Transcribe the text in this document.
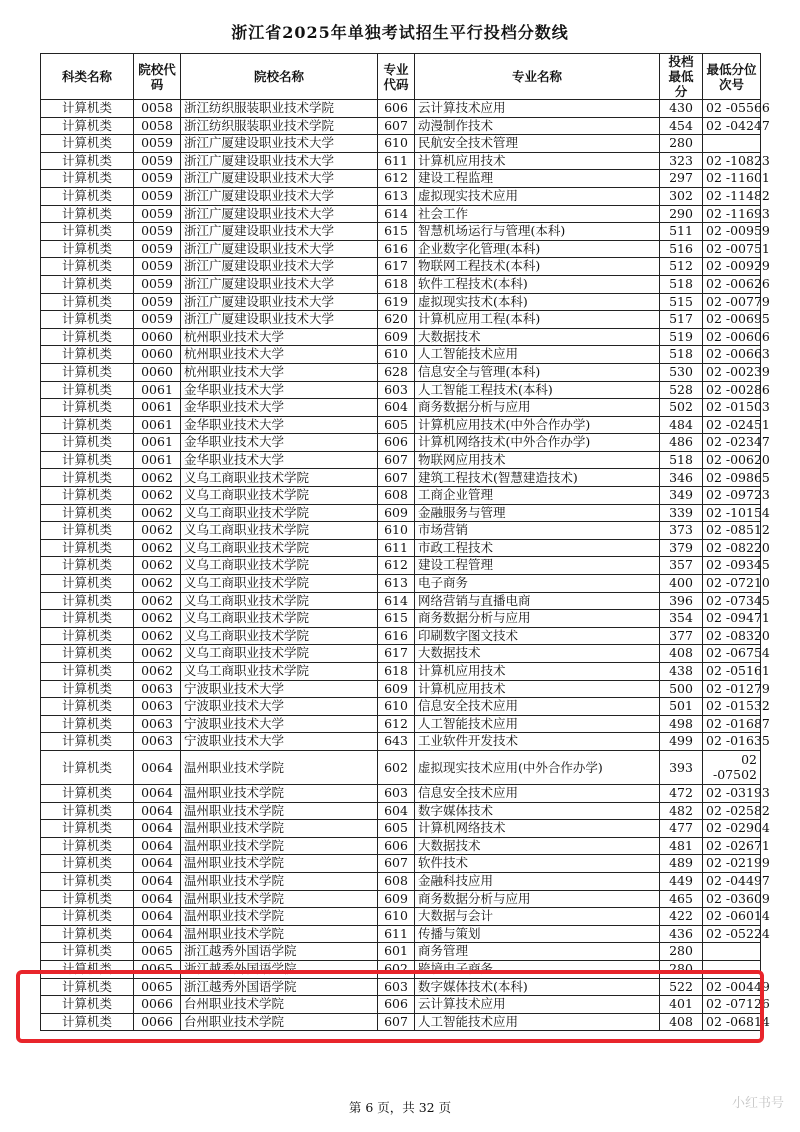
浙江省2025年单独考试招生平行投档分数线
科类名称	院校代码	院校名称	专业代码	专业名称	投档最低分	最低分位次号
计算机类	0058	浙江纺织服装职业技术学院	606	云计算技术应用	430	02 -05566
计算机类	0058	浙江纺织服装职业技术学院	607	动漫制作技术	454	02 -04247
计算机类	0059	浙江广厦建设职业技术大学	610	民航安全技术管理	280	
计算机类	0059	浙江广厦建设职业技术大学	611	计算机应用技术	323	02 -10823
计算机类	0059	浙江广厦建设职业技术大学	612	建设工程监理	297	02 -11601
计算机类	0059	浙江广厦建设职业技术大学	613	虚拟现实技术应用	302	02 -11482
计算机类	0059	浙江广厦建设职业技术大学	614	社会工作	290	02 -11693
计算机类	0059	浙江广厦建设职业技术大学	615	智慧机场运行与管理(本科)	511	02 -00959
计算机类	0059	浙江广厦建设职业技术大学	616	企业数字化管理(本科)	516	02 -00751
计算机类	0059	浙江广厦建设职业技术大学	617	物联网工程技术(本科)	512	02 -00929
计算机类	0059	浙江广厦建设职业技术大学	618	软件工程技术(本科)	518	02 -00626
计算机类	0059	浙江广厦建设职业技术大学	619	虚拟现实技术(本科)	515	02 -00779
计算机类	0059	浙江广厦建设职业技术大学	620	计算机应用工程(本科)	517	02 -00695
计算机类	0060	杭州职业技术大学	609	大数据技术	519	02 -00606
计算机类	0060	杭州职业技术大学	610	人工智能技术应用	518	02 -00663
计算机类	0060	杭州职业技术大学	628	信息安全与管理(本科)	530	02 -00239
计算机类	0061	金华职业技术大学	603	人工智能工程技术(本科)	528	02 -00286
计算机类	0061	金华职业技术大学	604	商务数据分析与应用	502	02 -01503
计算机类	0061	金华职业技术大学	605	计算机应用技术(中外合作办学)	484	02 -02451
计算机类	0061	金华职业技术大学	606	计算机网络技术(中外合作办学)	486	02 -02347
计算机类	0061	金华职业技术大学	607	物联网应用技术	518	02 -00620
计算机类	0062	义乌工商职业技术学院	607	建筑工程技术(智慧建造技术)	346	02 -09865
计算机类	0062	义乌工商职业技术学院	608	工商企业管理	349	02 -09723
计算机类	0062	义乌工商职业技术学院	609	金融服务与管理	339	02 -10154
计算机类	0062	义乌工商职业技术学院	610	市场营销	373	02 -08512
计算机类	0062	义乌工商职业技术学院	611	市政工程技术	379	02 -08220
计算机类	0062	义乌工商职业技术学院	612	建设工程管理	357	02 -09345
计算机类	0062	义乌工商职业技术学院	613	电子商务	400	02 -07210
计算机类	0062	义乌工商职业技术学院	614	网络营销与直播电商	396	02 -07345
计算机类	0062	义乌工商职业技术学院	615	商务数据分析与应用	354	02 -09471
计算机类	0062	义乌工商职业技术学院	616	印刷数字图文技术	377	02 -08320
计算机类	0062	义乌工商职业技术学院	617	大数据技术	408	02 -06754
计算机类	0062	义乌工商职业技术学院	618	计算机应用技术	438	02 -05161
计算机类	0063	宁波职业技术大学	609	计算机应用技术	500	02 -01279
计算机类	0063	宁波职业技术大学	610	信息安全技术应用	501	02 -01532
计算机类	0063	宁波职业技术大学	612	人工智能技术应用	498	02 -01687
计算机类	0063	宁波职业技术大学	643	工业软件开发技术	499	02 -01635
计算机类	0064	温州职业技术学院	602	虚拟现实技术应用(中外合作办学)	393	02 -07502
计算机类	0064	温州职业技术学院	603	信息安全技术应用	472	02 -03193
计算机类	0064	温州职业技术学院	604	数字媒体技术	482	02 -02582
计算机类	0064	温州职业技术学院	605	计算机网络技术	477	02 -02904
计算机类	0064	温州职业技术学院	606	大数据技术	481	02 -02671
计算机类	0064	温州职业技术学院	607	软件技术	489	02 -02199
计算机类	0064	温州职业技术学院	608	金融科技应用	449	02 -04497
计算机类	0064	温州职业技术学院	609	商务数据分析与应用	465	02 -03609
计算机类	0064	温州职业技术学院	610	大数据与会计	422	02 -06014
计算机类	0064	温州职业技术学院	611	传播与策划	436	02 -05224
计算机类	0065	浙江越秀外国语学院	601	商务管理	280	
计算机类	0065	浙江越秀外国语学院	602	跨境电子商务	280	
计算机类	0065	浙江越秀外国语学院	603	数字媒体技术(本科)	522	02 -00449
计算机类	0066	台州职业技术学院	606	云计算技术应用	401	02 -07126
计算机类	0066	台州职业技术学院	607	人工智能技术应用	408	02 -06814
第 6 页，共 32 页	小红书号
